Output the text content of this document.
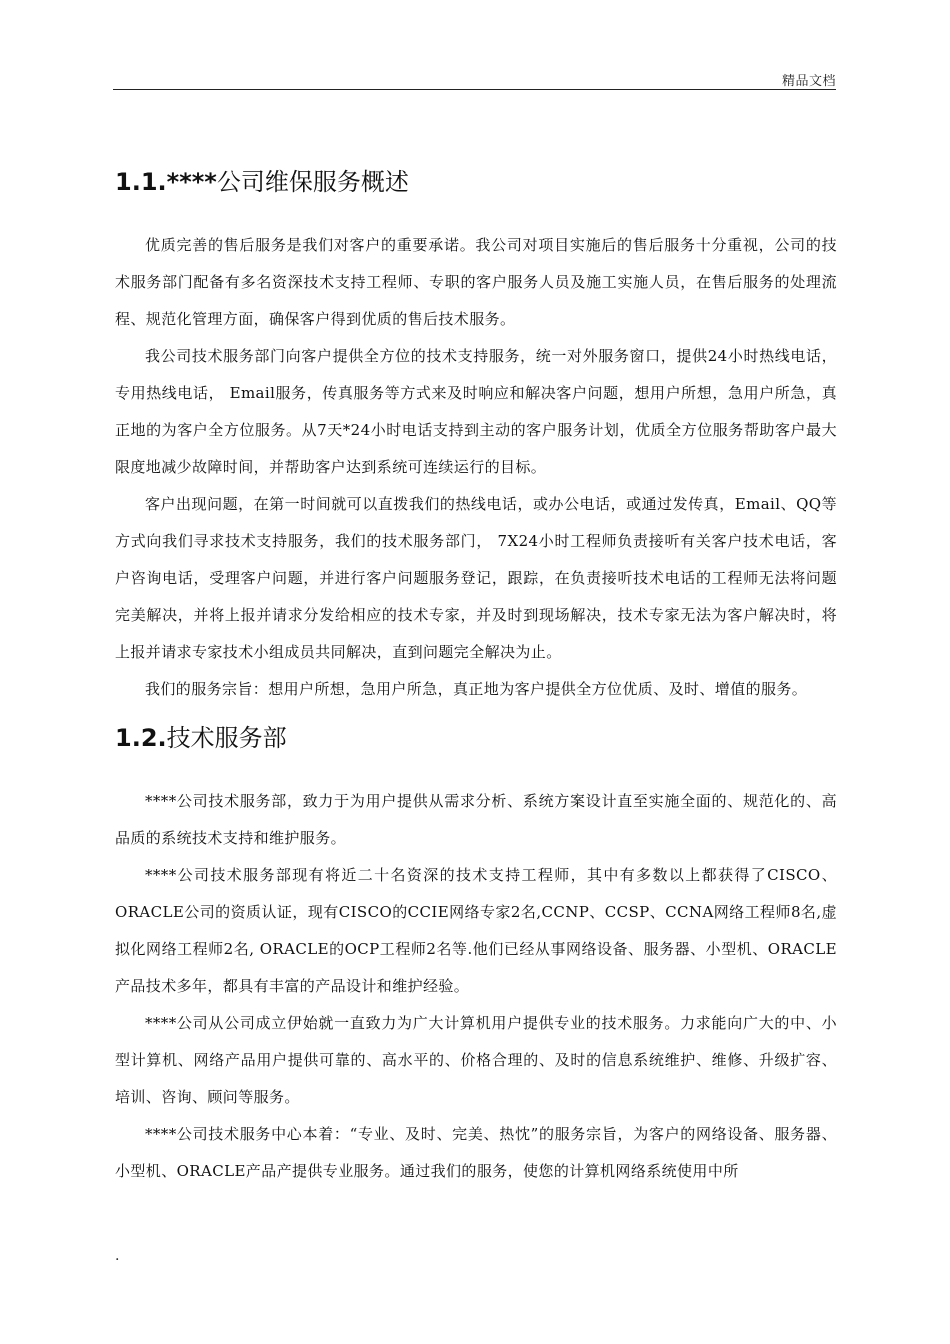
精品文档
1.1.****公司维保服务概述

优质完善的售后服务是我们对客户的重要承诺。我公司对项目实施后的售后服务十分重视，公司的技术服务部门配备有多名资深技术支持工程师、专职的客户服务人员及施工实施人员，在售后服务的处理流程、规范化管理方面，确保客户得到优质的售后技术服务。

我公司技术服务部门向客户提供全方位的技术支持服务，统一对外服务窗口，提供24小时热线电话，专用热线电话， Email服务，传真服务等方式来及时响应和解决客户问题，想用户所想，急用户所急，真正地的为客户全方位服务。从7天*24小时电话支持到主动的客户服务计划，优质全方位服务帮助客户最大限度地减少故障时间，并帮助客户达到系统可连续运行的目标。

客户出现问题，在第一时间就可以直拨我们的热线电话，或办公电话，或通过发传真，Email、QQ等方式向我们寻求技术支持服务，我们的技术服务部门， 7X24小时工程师负责接听有关客户技术电话，客户咨询电话，受理客户问题，并进行客户问题服务登记，跟踪，在负责接听技术电话的工程师无法将问题完美解决，并将上报并请求分发给相应的技术专家，并及时到现场解决，技术专家无法为客户解决时，将上报并请求专家技术小组成员共同解决，直到问题完全解决为止。

我们的服务宗旨：想用户所想，急用户所急，真正地为客户提供全方位优质、及时、增值的服务。

1.2.技术服务部

****公司技术服务部，致力于为用户提供从需求分析、系统方案设计直至实施全面的、规范化的、高品质的系统技术支持和维护服务。

****公司技术服务部现有将近二十名资深的技术支持工程师，其中有多数以上都获得了CISCO、ORACLE公司的资质认证，现有CISCO的CCIE网络专家2名,CCNP、CCSP、CCNA网络工程师8名,虚拟化网络工程师2名, ORACLE的OCP工程师2名等.他们已经从事网络设备、服务器、小型机、ORACLE产品技术多年，都具有丰富的产品设计和维护经验。

****公司从公司成立伊始就一直致力为广大计算机用户提供专业的技术服务。力求能向广大的中、小型计算机、网络产品用户提供可靠的、高水平的、价格合理的、及时的信息系统维护、维修、升级扩容、培训、咨询、顾问等服务。

****公司技术服务中心本着：“专业、及时、完美、热忱”的服务宗旨，为客户的网络设备、服务器、小型机、ORACLE产品产提供专业服务。通过我们的服务，使您的计算机网络系统使用中所

.
